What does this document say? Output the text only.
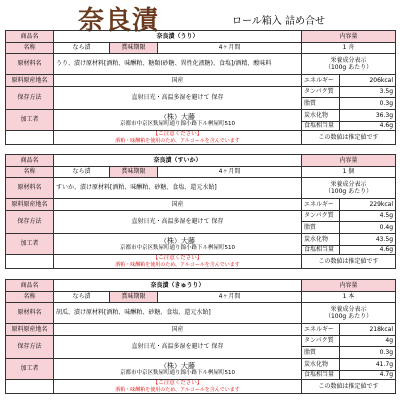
奈良漬	ロール箱入 詰め合せ
商品名	奈良漬（うり）			内容量	
名称	なら漬	賞味期限	4ヶ月間	1 舟	
原材料名	うり、漬け原材料[酒粕、味醂粕、糖類(砂糖、異性化液糖)、食塩]/酒精、酸味料			栄養成分表示
（100g あたり）	

原料原産地名	国産			エネルギー	206kcal
保存方法	直射日光・高温多湿を避けて 保存			タンパク質	3.5g
				脂質	0.3g
加工者	（株）大藤
京都市中京区麩屋町通り錦小路下ル桝屋町510			炭水化物	36.3g
				食塩相当量	4.6g

	【ご注意ください】
酒粕・味醂粕を使用のため、アルコールを含んでいます			この数値は推定値です	
商品名	奈良漬（すいか）			内容量	
名称	なら漬	賞味期限	4ヶ月間	1 個	
原材料名	すいか、漬け原材料[酒粕、味醂粕、砂糖、食塩、還元水飴]			栄養成分表示
（100g あたり）	

原料原産地名	国産			エネルギー	229kcal
保存方法	直射日光・高温多湿を避けて 保存			タンパク質	4.5g
				脂質	0.4g
加工者	（株）大藤
京都市中京区麩屋町通り錦小路下ル桝屋町510			炭水化物	43.5g
				食塩相当量	4.6g

	【ご注意ください】
酒粕・味醂粕を使用のため、アルコールを含んでいます			この数値は推定値です	
商品名	奈良漬（きゅうり）			内容量	
名称	なら漬	賞味期限	4ヶ月間	1 本	
原材料名	胡瓜、漬け原材料[酒粕、味醂粕、砂糖、食塩、還元水飴]			栄養成分表示
（100g あたり）	

原料原産地名	国産			エネルギー	218kcal
保存方法	直射日光・高温多湿を避けて 保存			タンパク質	4g
				脂質	0.3g
加工者	（株）大藤
京都市中京区麩屋町通り錦小路下ル桝屋町510			炭水化物	41.7g
				食塩相当量	4.7g

	【ご注意ください】
酒粕・味醂粕を使用のため、アルコールを含んでいます			この数値は推定値です	
